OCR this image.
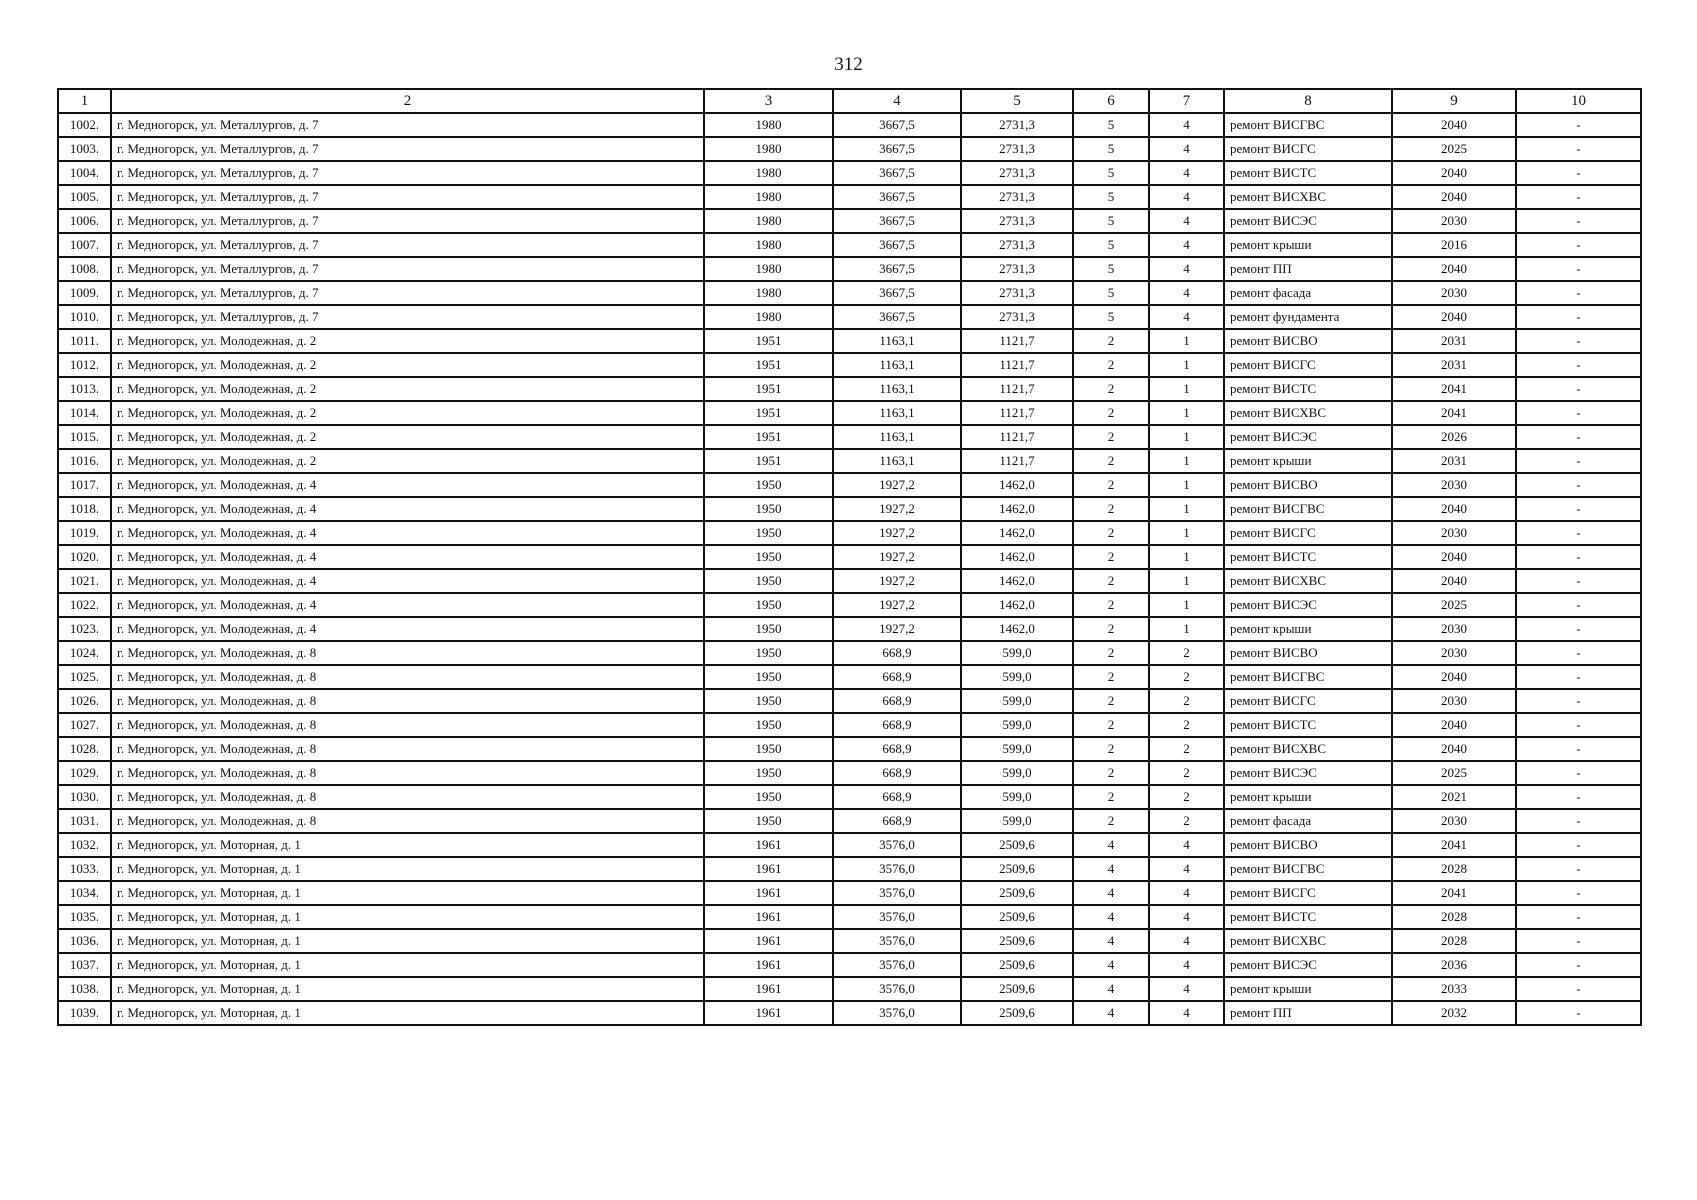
312
1	2	3	4	5	6	7	8	9	10
1002.	г. Медногорск, ул. Металлургов, д. 7	1980	3667,5	2731,3	5	4	ремонт ВИСГВС	2040	-
1003.	г. Медногорск, ул. Металлургов, д. 7	1980	3667,5	2731,3	5	4	ремонт ВИСГС	2025	-
1004.	г. Медногорск, ул. Металлургов, д. 7	1980	3667,5	2731,3	5	4	ремонт ВИСТС	2040	-
1005.	г. Медногорск, ул. Металлургов, д. 7	1980	3667,5	2731,3	5	4	ремонт ВИСХВС	2040	-
1006.	г. Медногорск, ул. Металлургов, д. 7	1980	3667,5	2731,3	5	4	ремонт ВИСЭС	2030	-
1007.	г. Медногорск, ул. Металлургов, д. 7	1980	3667,5	2731,3	5	4	ремонт крыши	2016	-
1008.	г. Медногорск, ул. Металлургов, д. 7	1980	3667,5	2731,3	5	4	ремонт ПП	2040	-
1009.	г. Медногорск, ул. Металлургов, д. 7	1980	3667,5	2731,3	5	4	ремонт фасада	2030	-
1010.	г. Медногорск, ул. Металлургов, д. 7	1980	3667,5	2731,3	5	4	ремонт фундамента	2040	-
1011.	г. Медногорск, ул. Молодежная, д. 2	1951	1163,1	1121,7	2	1	ремонт ВИСВО	2031	-
1012.	г. Медногорск, ул. Молодежная, д. 2	1951	1163,1	1121,7	2	1	ремонт ВИСГС	2031	-
1013.	г. Медногорск, ул. Молодежная, д. 2	1951	1163,1	1121,7	2	1	ремонт ВИСТС	2041	-
1014.	г. Медногорск, ул. Молодежная, д. 2	1951	1163,1	1121,7	2	1	ремонт ВИСХВС	2041	-
1015.	г. Медногорск, ул. Молодежная, д. 2	1951	1163,1	1121,7	2	1	ремонт ВИСЭС	2026	-
1016.	г. Медногорск, ул. Молодежная, д. 2	1951	1163,1	1121,7	2	1	ремонт крыши	2031	-
1017.	г. Медногорск, ул. Молодежная, д. 4	1950	1927,2	1462,0	2	1	ремонт ВИСВО	2030	-
1018.	г. Медногорск, ул. Молодежная, д. 4	1950	1927,2	1462,0	2	1	ремонт ВИСГВС	2040	-
1019.	г. Медногорск, ул. Молодежная, д. 4	1950	1927,2	1462,0	2	1	ремонт ВИСГС	2030	-
1020.	г. Медногорск, ул. Молодежная, д. 4	1950	1927,2	1462,0	2	1	ремонт ВИСТС	2040	-
1021.	г. Медногорск, ул. Молодежная, д. 4	1950	1927,2	1462,0	2	1	ремонт ВИСХВС	2040	-
1022.	г. Медногорск, ул. Молодежная, д. 4	1950	1927,2	1462,0	2	1	ремонт ВИСЭС	2025	-
1023.	г. Медногорск, ул. Молодежная, д. 4	1950	1927,2	1462,0	2	1	ремонт крыши	2030	-
1024.	г. Медногорск, ул. Молодежная, д. 8	1950	668,9	599,0	2	2	ремонт ВИСВО	2030	-
1025.	г. Медногорск, ул. Молодежная, д. 8	1950	668,9	599,0	2	2	ремонт ВИСГВС	2040	-
1026.	г. Медногорск, ул. Молодежная, д. 8	1950	668,9	599,0	2	2	ремонт ВИСГС	2030	-
1027.	г. Медногорск, ул. Молодежная, д. 8	1950	668,9	599,0	2	2	ремонт ВИСТС	2040	-
1028.	г. Медногорск, ул. Молодежная, д. 8	1950	668,9	599,0	2	2	ремонт ВИСХВС	2040	-
1029.	г. Медногорск, ул. Молодежная, д. 8	1950	668,9	599,0	2	2	ремонт ВИСЭС	2025	-
1030.	г. Медногорск, ул. Молодежная, д. 8	1950	668,9	599,0	2	2	ремонт крыши	2021	-
1031.	г. Медногорск, ул. Молодежная, д. 8	1950	668,9	599,0	2	2	ремонт фасада	2030	-
1032.	г. Медногорск, ул. Моторная, д. 1	1961	3576,0	2509,6	4	4	ремонт ВИСВО	2041	-
1033.	г. Медногорск, ул. Моторная, д. 1	1961	3576,0	2509,6	4	4	ремонт ВИСГВС	2028	-
1034.	г. Медногорск, ул. Моторная, д. 1	1961	3576,0	2509,6	4	4	ремонт ВИСГС	2041	-
1035.	г. Медногорск, ул. Моторная, д. 1	1961	3576,0	2509,6	4	4	ремонт ВИСТС	2028	-
1036.	г. Медногорск, ул. Моторная, д. 1	1961	3576,0	2509,6	4	4	ремонт ВИСХВС	2028	-
1037.	г. Медногорск, ул. Моторная, д. 1	1961	3576,0	2509,6	4	4	ремонт ВИСЭС	2036	-
1038.	г. Медногорск, ул. Моторная, д. 1	1961	3576,0	2509,6	4	4	ремонт крыши	2033	-
1039.	г. Медногорск, ул. Моторная, д. 1	1961	3576,0	2509,6	4	4	ремонт ПП	2032	-
